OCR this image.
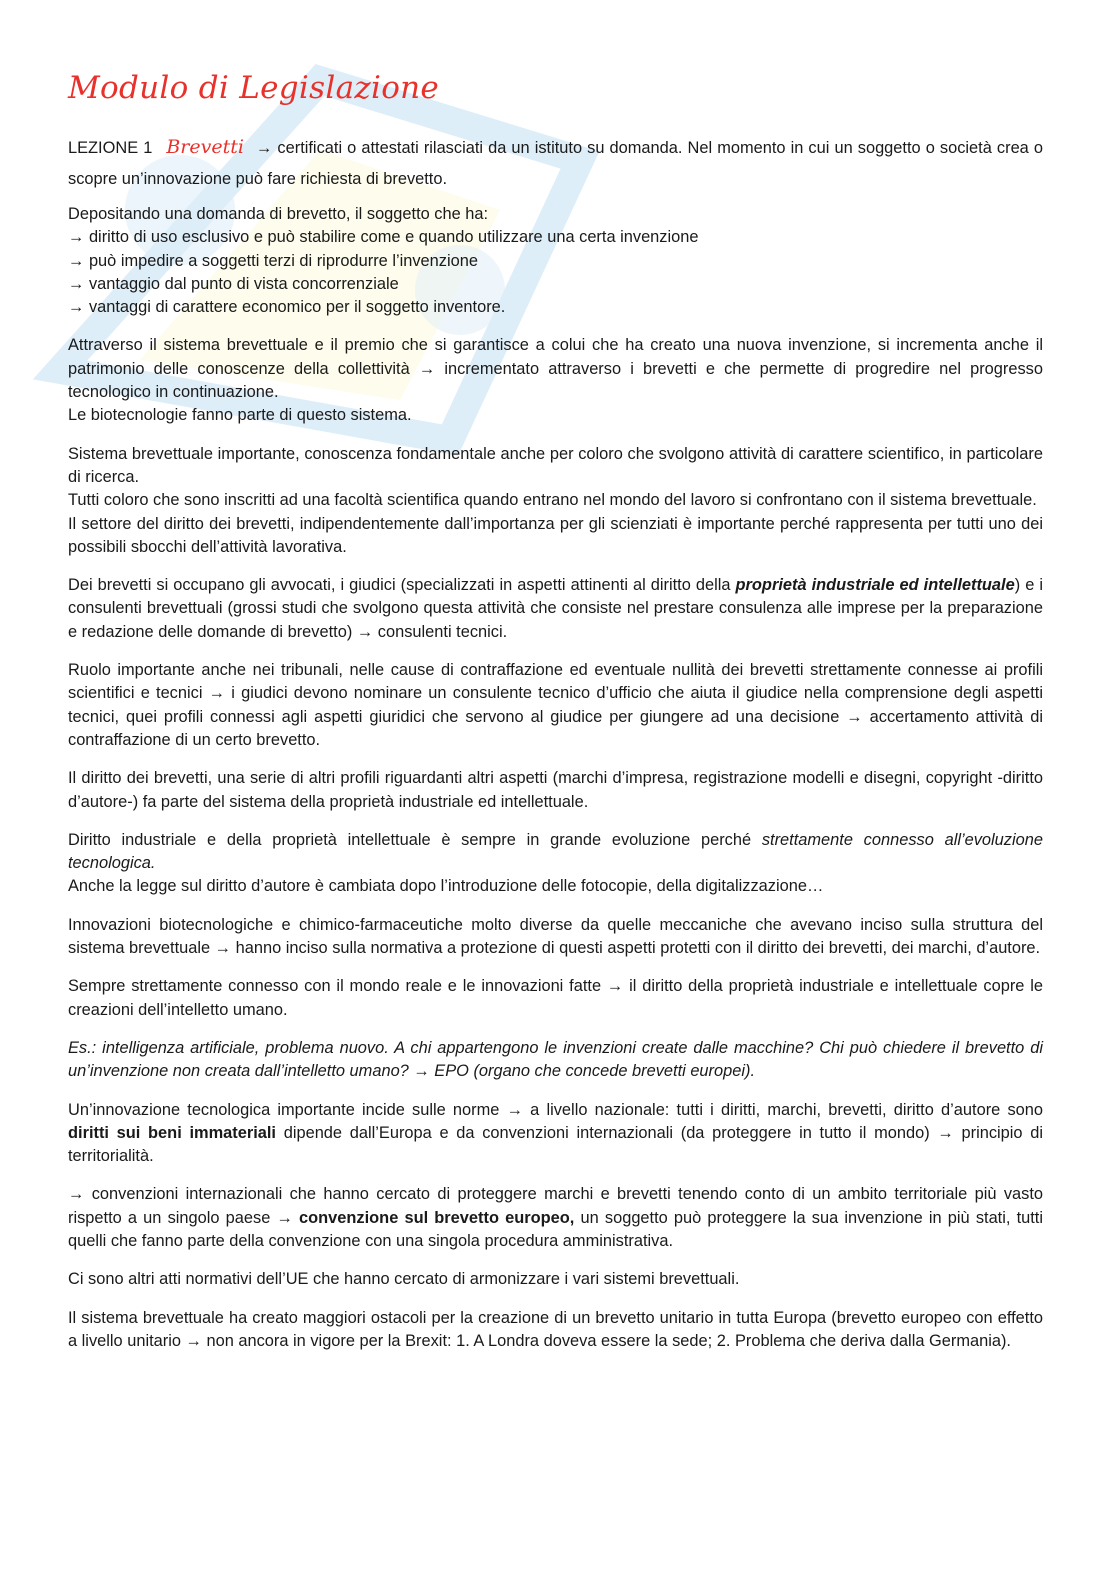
Modulo di Legislazione

LEZIONE 1 Brevetti → certificati o attestati rilasciati da un istituto su domanda. Nel momento in cui un soggetto o società crea o scopre un’innovazione può fare richiesta di brevetto.

Depositando una domanda di brevetto, il soggetto che ha:
→ diritto di uso esclusivo e può stabilire come e quando utilizzare una certa invenzione
→ può impedire a soggetti terzi di riprodurre l’invenzione
→ vantaggio dal punto di vista concorrenziale
→ vantaggi di carattere economico per il soggetto inventore.

Attraverso il sistema brevettuale e il premio che si garantisce a colui che ha creato una nuova invenzione, si incrementa anche il patrimonio delle conoscenze della collettività → incrementato attraverso i brevetti e che permette di progredire nel progresso tecnologico in continuazione.
Le biotecnologie fanno parte di questo sistema.

Sistema brevettuale importante, conoscenza fondamentale anche per coloro che svolgono attività di carattere scientifico, in particolare di ricerca.
Tutti coloro che sono inscritti ad una facoltà scientifica quando entrano nel mondo del lavoro si confrontano con il sistema brevettuale.
Il settore del diritto dei brevetti, indipendentemente dall’importanza per gli scienziati è importante perché rappresenta per tutti uno dei possibili sbocchi dell’attività lavorativa.

Dei brevetti si occupano gli avvocati, i giudici (specializzati in aspetti attinenti al diritto della proprietà industriale ed intellettuale) e i consulenti brevettuali (grossi studi che svolgono questa attività che consiste nel prestare consulenza alle imprese per la preparazione e redazione delle domande di brevetto) → consulenti tecnici.

Ruolo importante anche nei tribunali, nelle cause di contraffazione ed eventuale nullità dei brevetti strettamente connesse ai profili scientifici e tecnici → i giudici devono nominare un consulente tecnico d’ufficio che aiuta il giudice nella comprensione degli aspetti tecnici, quei profili connessi agli aspetti giuridici che servono al giudice per giungere ad una decisione → accertamento attività di contraffazione di un certo brevetto.

Il diritto dei brevetti, una serie di altri profili riguardanti altri aspetti (marchi d’impresa, registrazione modelli e disegni, copyright -diritto d’autore-) fa parte del sistema della proprietà industriale ed intellettuale.

Diritto industriale e della proprietà intellettuale è sempre in grande evoluzione perché strettamente connesso all’evoluzione tecnologica.
Anche la legge sul diritto d’autore è cambiata dopo l’introduzione delle fotocopie, della digitalizzazione…

Innovazioni biotecnologiche e chimico-farmaceutiche molto diverse da quelle meccaniche che avevano inciso sulla struttura del sistema brevettuale → hanno inciso sulla normativa a protezione di questi aspetti protetti con il diritto dei brevetti, dei marchi, d’autore.

Sempre strettamente connesso con il mondo reale e le innovazioni fatte → il diritto della proprietà industriale e intellettuale copre le creazioni dell’intelletto umano.

Es.: intelligenza artificiale, problema nuovo. A chi appartengono le invenzioni create dalle macchine? Chi può chiedere il brevetto di un’invenzione non creata dall’intelletto umano? → EPO (organo che concede brevetti europei).

Un’innovazione tecnologica importante incide sulle norme → a livello nazionale: tutti i diritti, marchi, brevetti, diritto d’autore sono diritti sui beni immateriali dipende dall’Europa e da convenzioni internazionali (da proteggere in tutto il mondo) → principio di territorialità.

→ convenzioni internazionali che hanno cercato di proteggere marchi e brevetti tenendo conto di un ambito territoriale più vasto rispetto a un singolo paese → convenzione sul brevetto europeo, un soggetto può proteggere la sua invenzione in più stati, tutti quelli che fanno parte della convenzione con una singola procedura amministrativa.

Ci sono altri atti normativi dell’UE che hanno cercato di armonizzare i vari sistemi brevettuali.

Il sistema brevettuale ha creato maggiori ostacoli per la creazione di un brevetto unitario in tutta Europa (brevetto europeo con effetto a livello unitario → non ancora in vigore per la Brexit: 1. A Londra doveva essere la sede; 2. Problema che deriva dalla Germania).
